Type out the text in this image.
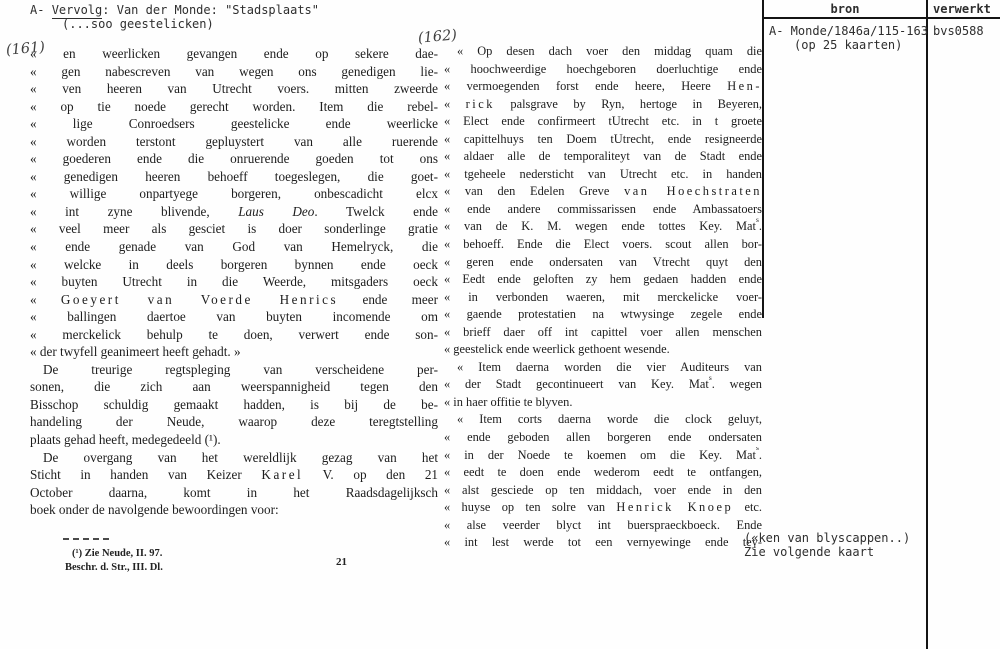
A- Vervolg: Van der Monde: "Stadsplaats"
(...soo geestelicken)
(161)
(162)
« en weerlicken gevangen ende op sekere dae-
« gen nabescreven van wegen ons genedigen lie-
« ven heeren van Utrecht voers. mitten zweerde
« op tie noede gerecht worden. Item die rebel-
« lige Conroedsers geestelicke ende weerlicke
« worden terstont gepluystert van alle ruerende
« goederen ende die onruerende goeden tot ons
« genedigen heeren behoeff toegeslegen, die goet-
« willige onpartyege borgeren, onbescadicht elcx
« int zyne blivende, Laus Deo. Twelck ende
« veel meer als gesciet is doer sonderlinge gratie
« ende genade van God van Hemelryck, die
« welcke in deels borgeren bynnen ende oeck
« buyten Utrecht in die Weerde, mitsgaders oeck
« Goeyert van Voerde Henrics ende meer
« ballingen daertoe van buyten incomende om
« merckelick behulp te doen, verwert ende son-
« der twyfell geanimeert heeft gehadt. »
De treurige regtspleging van verscheidene per-
sonen, die zich aan weerspannigheid tegen den
Bisschop schuldig gemaakt hadden, is bij de be-
handeling der Neude, waarop deze teregtstelling
plaats gehad heeft, medegedeeld (¹).
De overgang van het wereldlijk gezag van het
Sticht in handen van Keizer Karel V. op den 21
October daarna, komt in het Raadsdagelijksch
boek onder de navolgende bewoordingen voor:
« Op desen dach voer den middag quam die
« hoochweerdige hoechgeboren doerluchtige ende
« vermoegenden forst ende heere, Heere Hen-
« rick palsgrave by Ryn, hertoge in Beyeren,
« Elect ende confirmeert tUtrecht etc. in t groete
« capittelhuys ten Doem tUtrecht, ende resigneerde
« aldaer alle de temporaliteyt van de Stadt ende
« tgeheele nedersticht van Utrecht etc. in handen
« van den Edelen Greve van Hoechstraten
« ende andere commissarissen ende Ambassatoers
« van de K. M. wegen ende tottes Key. Mat$^s$.
« behoeff. Ende die Elect voers. scout allen bor-
« geren ende ondersaten van Vtrecht quyt den
« Eedt ende geloften zy hem gedaen hadden ende
« in verbonden waeren, mit merckelicke voer-
« gaende protestatien na wtwysinge zegele ende
« brieff daer off int capittel voer allen menschen
« geestelick ende weerlick gethoent wesende.
« Item daerna worden die vier Auditeurs van
« der Stadt gecontinueert van Key. Mat$^s$. wegen
« in haer offitie te blyven.
« Item corts daerna worde die clock geluyt,
« ende geboden allen borgeren ende ondersaten
« in der Noede te koemen om die Key. Mat$^s$.
« eedt te doen ende wederom eedt te ontfangen,
« alst gesciede op ten middach, voer ende in den
« huyse op ten solre van Henrick Knoep etc.
« alse veerder blyct int buerspraeckboeck. Ende
« int lest werde tot een vernyewinge ende tey-
(¹) Zie Neude, II. 97.
Beschr. d. Str., III. Dl.	21
bron	verwerkt
A- Monde/1846a/115-163
(op 25 kaarten)
bvs0588
(«ken van blyscappen..)
Zie volgende kaart
